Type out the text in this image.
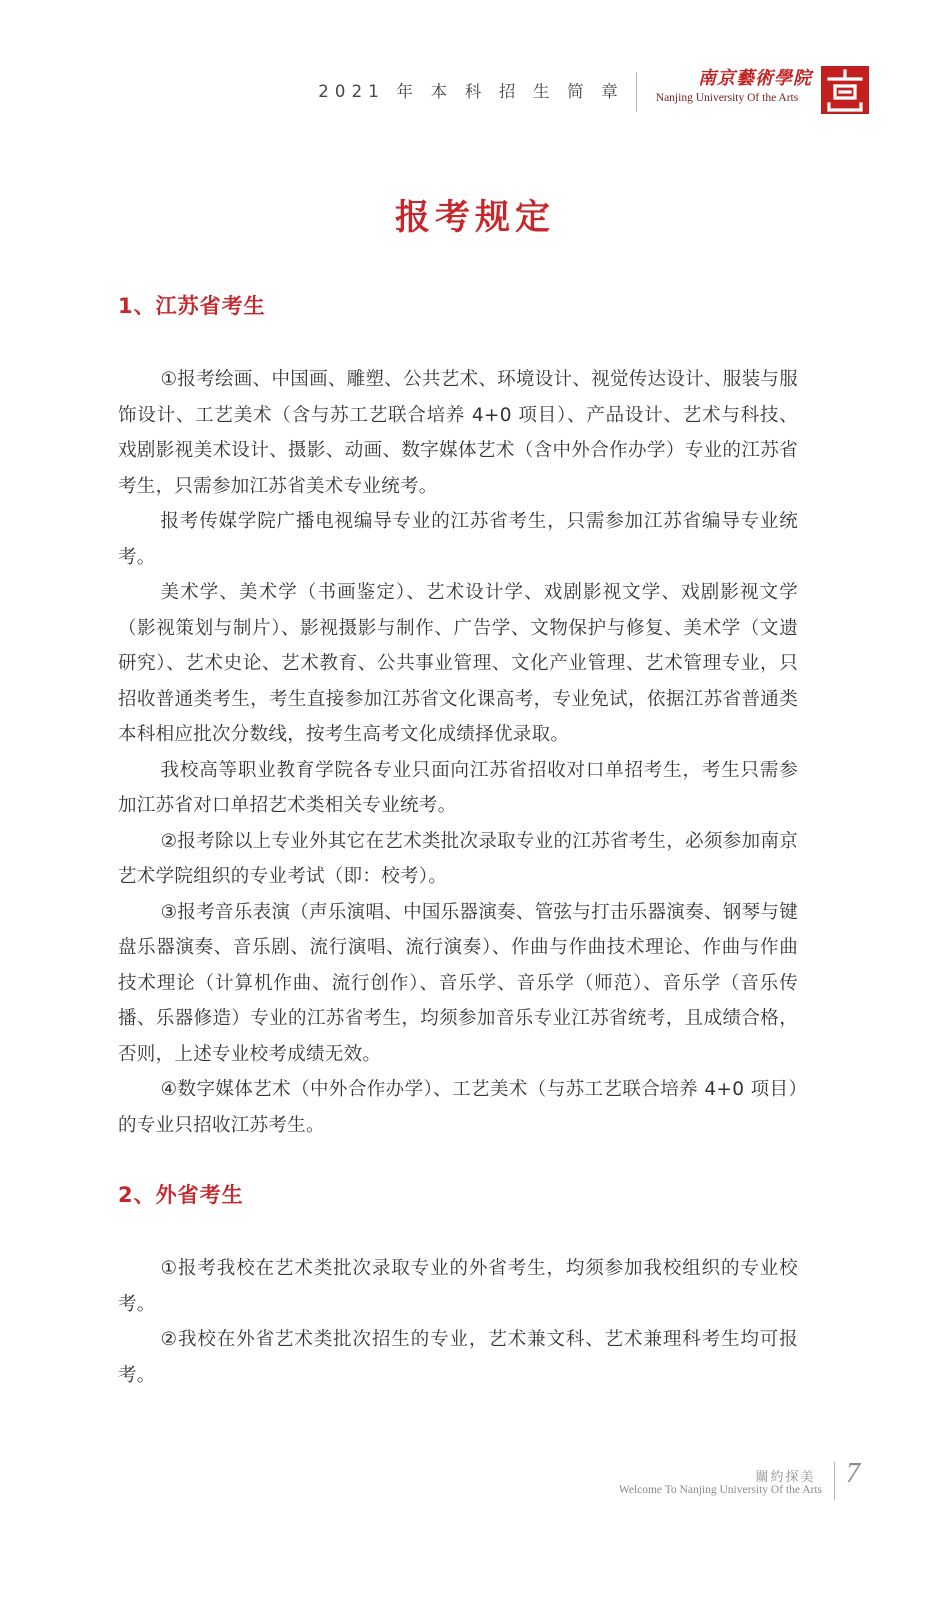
2021 年 本 科 招 生 简 章
南京藝術學院
Nanjing University Of the Arts
报考规定
1、江苏省考生

①报考绘画、中国画、雕塑、公共艺术、环境设计、视觉传达设计、服装与服饰设计、工艺美术（含与苏工艺联合培养 4+0 项目）、产品设计、艺术与科技、戏剧影视美术设计、摄影、动画、数字媒体艺术（含中外合作办学）专业的江苏省考生，只需参加江苏省美术专业统考。

报考传媒学院广播电视编导专业的江苏省考生，只需参加江苏省编导专业统考。

美术学、美术学（书画鉴定）、艺术设计学、戏剧影视文学、戏剧影视文学（影视策划与制片）、影视摄影与制作、广告学、文物保护与修复、美术学（文遗研究）、艺术史论、艺术教育、公共事业管理、文化产业管理、艺术管理专业，只招收普通类考生，考生直接参加江苏省文化课高考，专业免试，依据江苏省普通类本科相应批次分数线，按考生高考文化成绩择优录取。

我校高等职业教育学院各专业只面向江苏省招收对口单招考生，考生只需参加江苏省对口单招艺术类相关专业统考。

②报考除以上专业外其它在艺术类批次录取专业的江苏省考生，必须参加南京艺术学院组织的专业考试（即：校考）。

③报考音乐表演（声乐演唱、中国乐器演奏、管弦与打击乐器演奏、钢琴与键盘乐器演奏、音乐剧、流行演唱、流行演奏）、作曲与作曲技术理论、作曲与作曲技术理论（计算机作曲、流行创作）、音乐学、音乐学（师范）、音乐学（音乐传播、乐器修造）专业的江苏省考生，均须参加音乐专业江苏省统考，且成绩合格，否则，上述专业校考成绩无效。

④数字媒体艺术（中外合作办学）、工艺美术（与苏工艺联合培养 4+0 项目）的专业只招收江苏考生。

2、外省考生

①报考我校在艺术类批次录取专业的外省考生，均须参加我校组织的专业校考。

②我校在外省艺术类批次招生的专业，艺术兼文科、艺术兼理科考生均可报考。

關約探美
Welcome To Nanjing University Of the Arts
7
